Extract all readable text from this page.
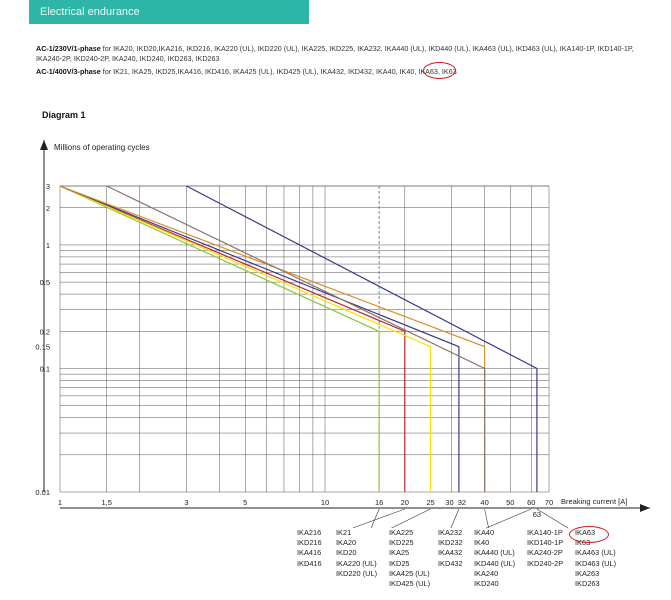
Electrical endurance
AC-1/230V/1-phase for IKA20, IKD20,IKA216, IKD216, IKA220 (UL), IKD220 (UL), IKA225, IKD225, IKA232, IKA440 (UL), IKD440 (UL), IKA463 (UL), IKD463 (UL), IKA140-1P, IKD140-1P, IKA240-2P, IKD240-2P, IKA240, IKD240, IKD263, IKD263
AC-1/400V/3-phase for IK21, IKA25, IKD25,IKA416, IKD416, IKA425 (UL), IKD425 (UL), IKA432, IKD432, IKA40, IK40, IKA63, IK63
Diagram 1
Millions of operating cycles
Breaking current [A]
0.01
0.1
0.15
0.2
0.5
1
2
3
1	1,5	3	5	10	16 20 25 30 32 40 50 60
63
70
IKA216
IKD216
IKA416
IKD416
IK21
IKA20
IKD20
IKA220 (UL)
IKD220 (UL)
IKA225
IKD225
IKA25
IKD25
IKA425 (UL)
IKD425 (UL)
IKA232
IKD232
IKA432
IKD432
IKA40
IK40
IKA440 (UL)
IKD440 (UL)
IKA240
IKD240
IKA140-1P
IKD140-1P
IKA240-2P
IKD240-2P
IKA63
IK63
IKA463 (UL)
IKD463 (UL)
IKA263
IKD263
